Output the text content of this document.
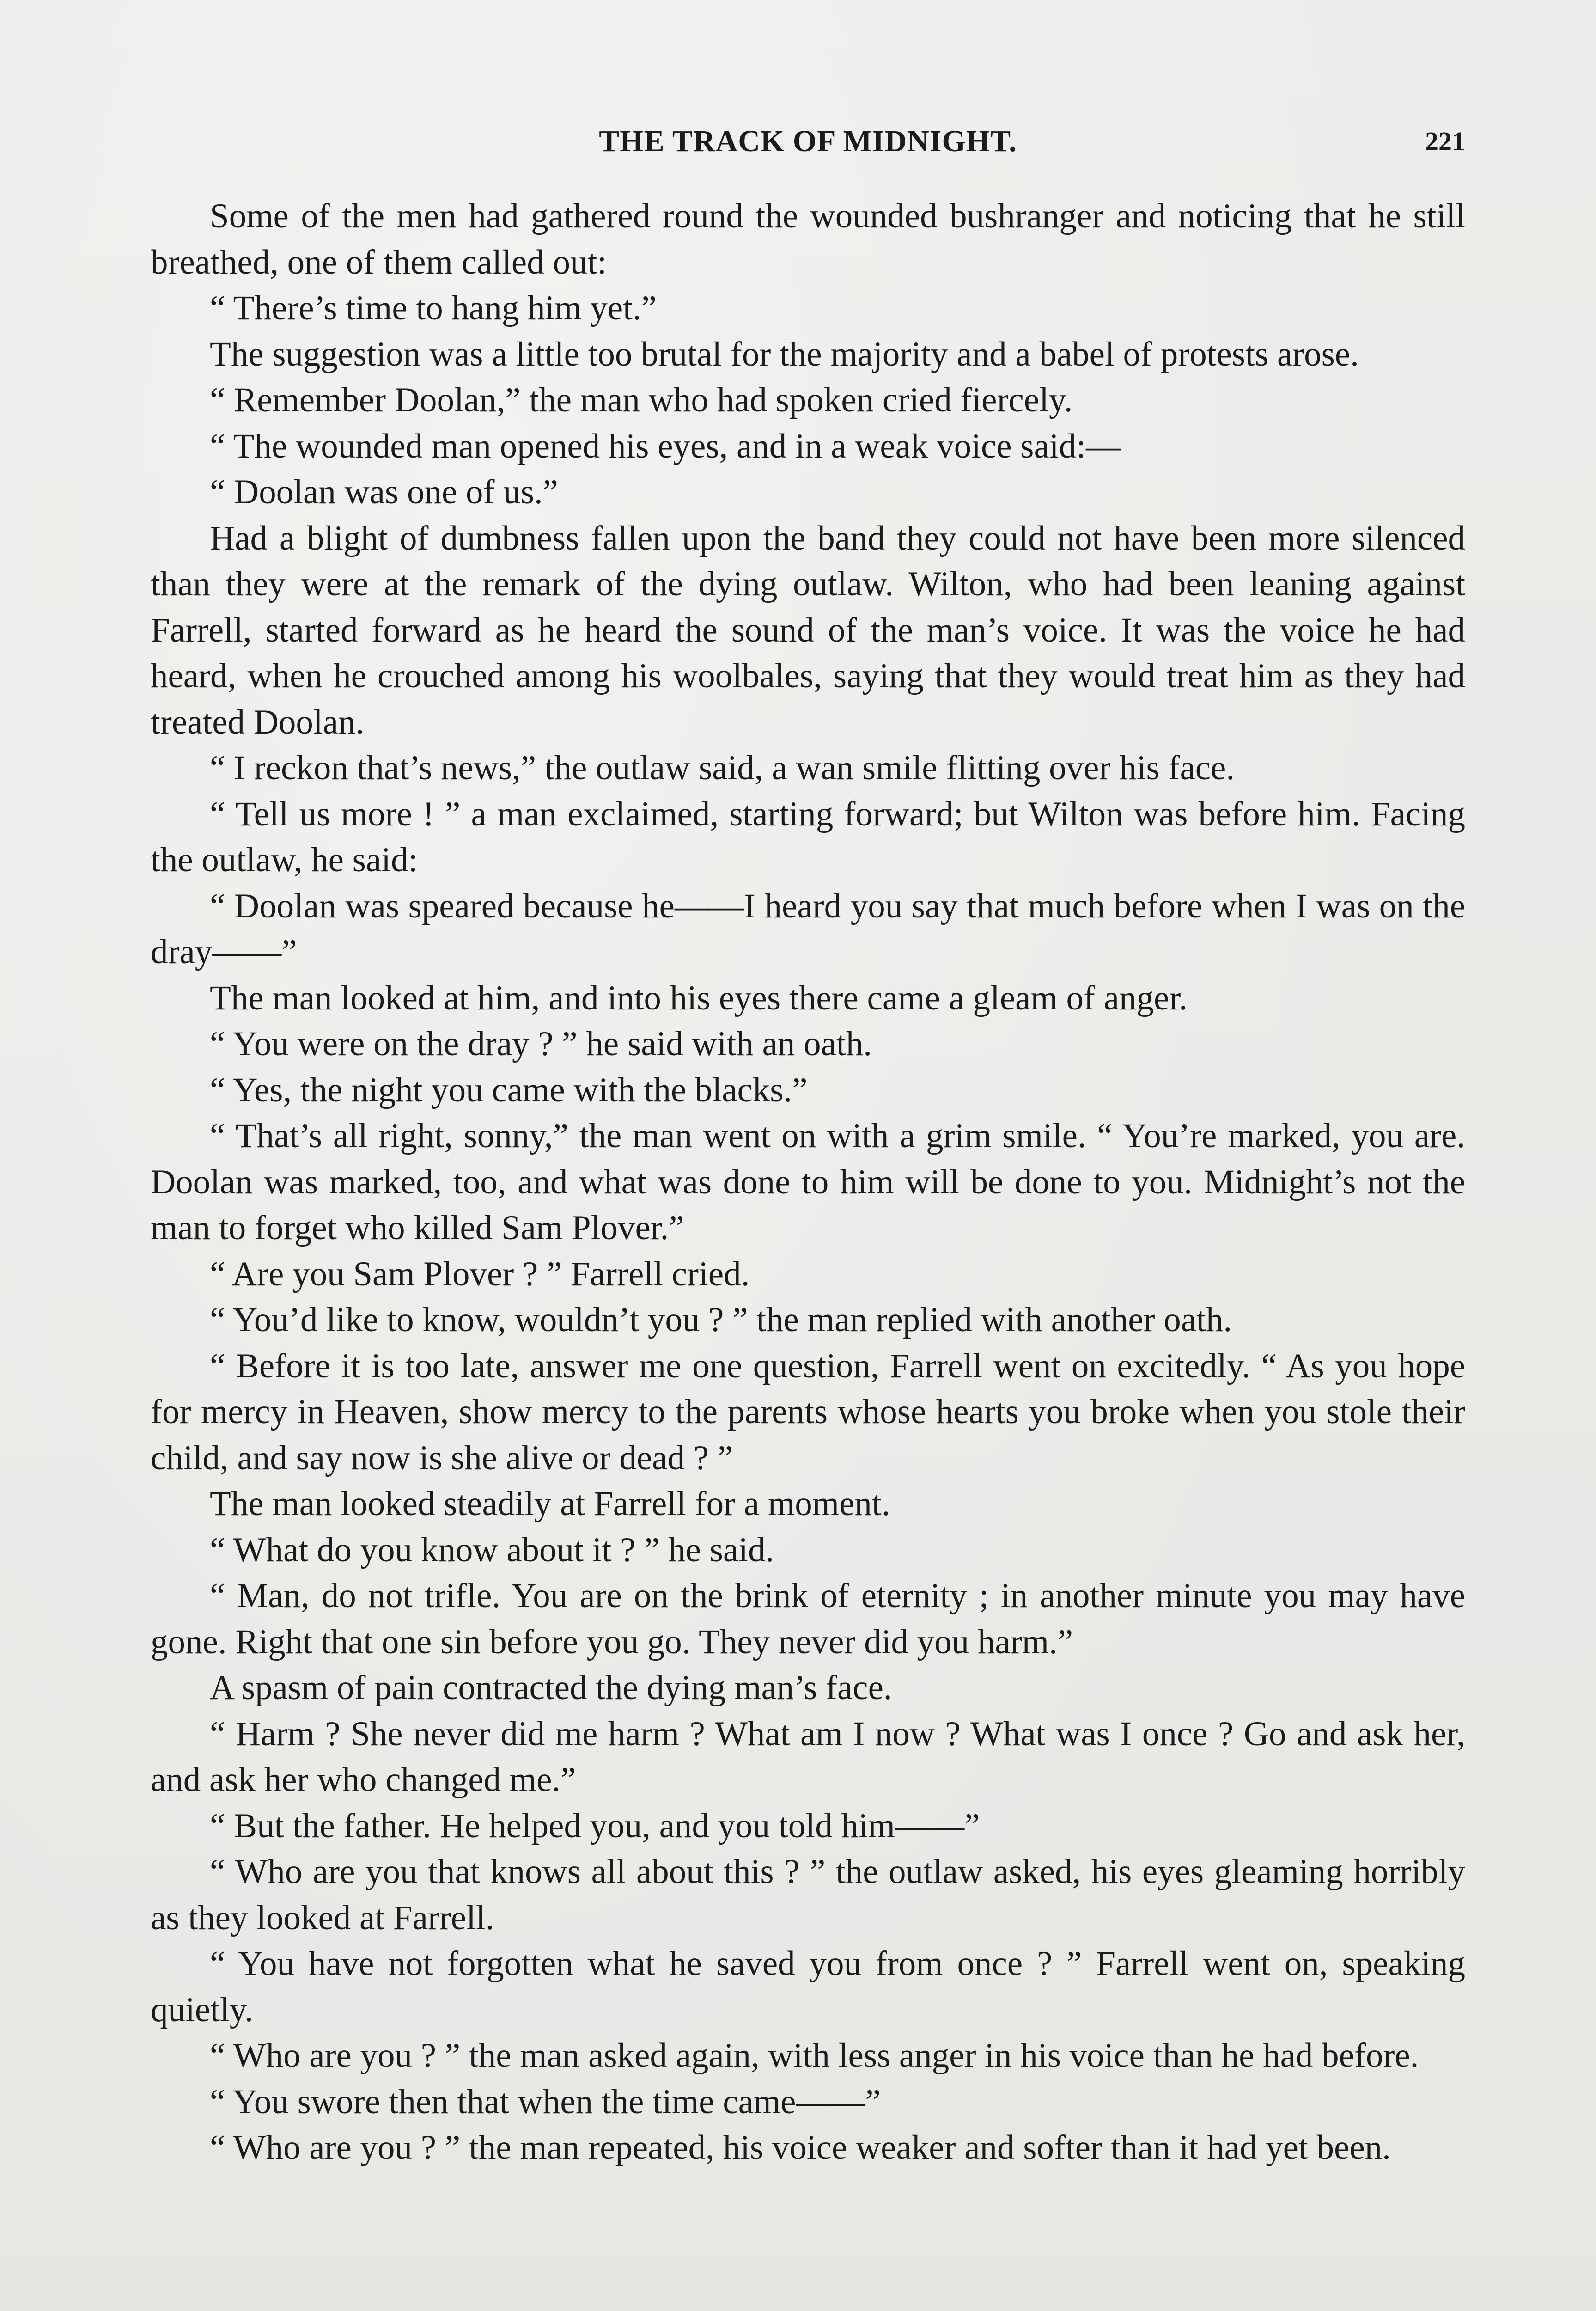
THE TRACK OF MIDNIGHT.	221

Some of the men had gathered round the wounded bushranger and noticing that he still breathed, one of them called out:

“ There’s time to hang him yet.”

The suggestion was a little too brutal for the majority and a babel of protests arose.

“ Remember Doolan,” the man who had spoken cried fiercely.

“ The wounded man opened his eyes, and in a weak voice said:—

“ Doolan was one of us.”

Had a blight of dumbness fallen upon the band they could not have been more silenced than they were at the remark of the dying outlaw. Wilton, who had been leaning against Farrell, started forward as he heard the sound of the man’s voice. It was the voice he had heard, when he crouched among his woolbales, saying that they would treat him as they had treated Doolan.

“ I reckon that’s news,” the outlaw said, a wan smile flitting over his face.

“ Tell us more ! ” a man exclaimed, starting forward; but Wilton was before him. Facing the outlaw, he said:

“ Doolan was speared because he——I heard you say that much before when I was on the dray——”

The man looked at him, and into his eyes there came a gleam of anger.

“ You were on the dray ? ” he said with an oath.

“ Yes, the night you came with the blacks.”

“ That’s all right, sonny,” the man went on with a grim smile. “ You’re marked, you are. Doolan was marked, too, and what was done to him will be done to you. Midnight’s not the man to forget who killed Sam Plover.”

“ Are you Sam Plover ? ” Farrell cried.

“ You’d like to know, wouldn’t you ? ” the man replied with another oath.

“ Before it is too late, answer me one question, Farrell went on excitedly. “ As you hope for mercy in Heaven, show mercy to the parents whose hearts you broke when you stole their child, and say now is she alive or dead ? ”

The man looked steadily at Farrell for a moment.

“ What do you know about it ? ” he said.

“ Man, do not trifle. You are on the brink of eternity ; in another minute you may have gone. Right that one sin before you go. They never did you harm.”

A spasm of pain contracted the dying man’s face.

“ Harm ? She never did me harm ? What am I now ? What was I once ? Go and ask her, and ask her who changed me.”

“ But the father. He helped you, and you told him——”

“ Who are you that knows all about this ? ” the outlaw asked, his eyes gleaming horribly as they looked at Farrell.

“ You have not forgotten what he saved you from once ? ” Farrell went on, speaking quietly.

“ Who are you ? ” the man asked again, with less anger in his voice than he had before.

“ You swore then that when the time came——”

“ Who are you ? ” the man repeated, his voice weaker and softer than it had yet been.
